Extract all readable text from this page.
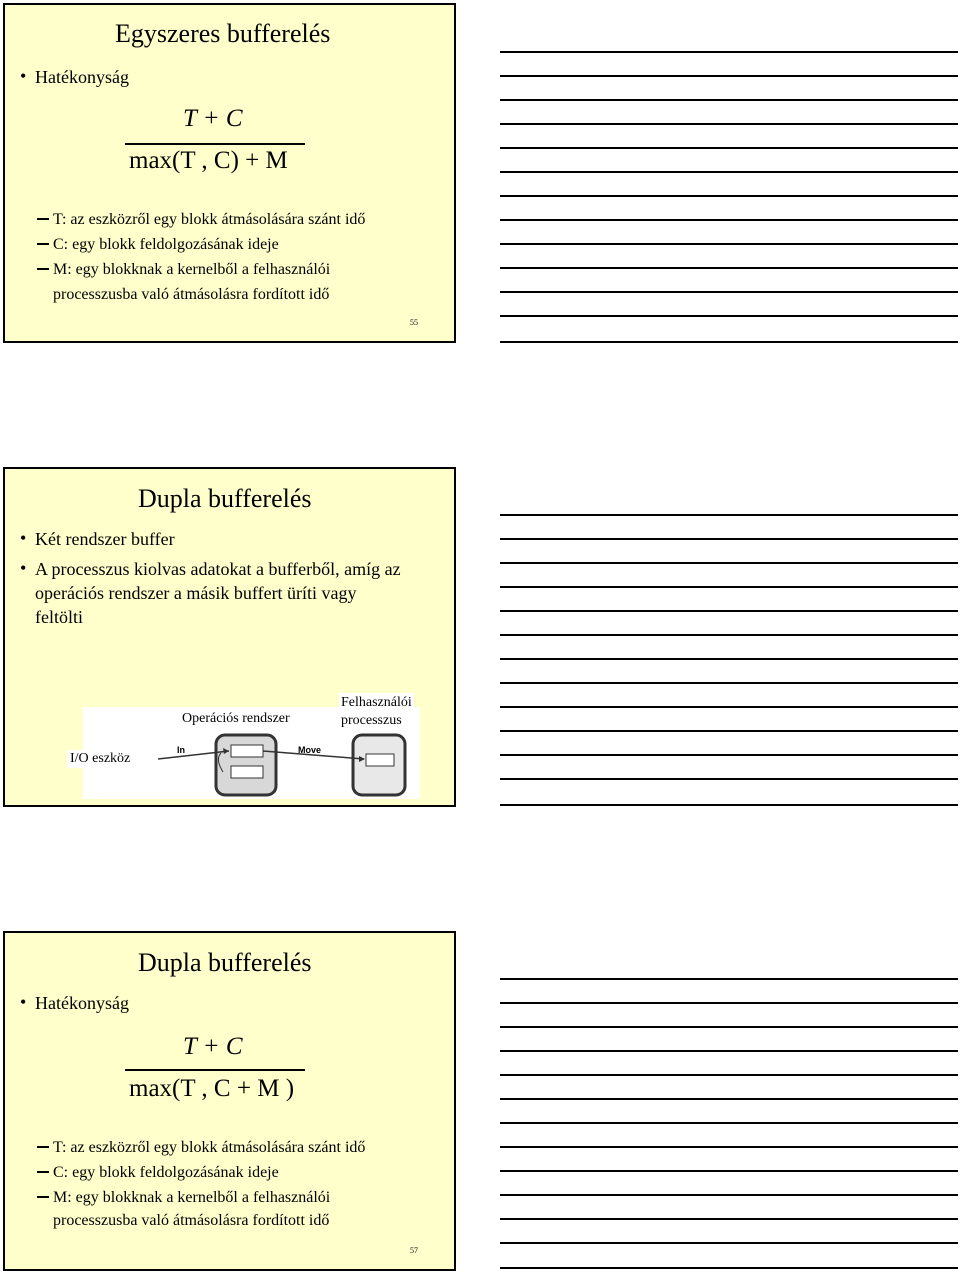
Egyszeres bufferelés
• Hatékonyság
T + C
max(T , C) + M
T: az eszközről egy blokk átmásolására szánt idő
C: egy blokk feldolgozásának ideje
M: egy blokknak a kernelből a felhasználói
processzusba való átmásolásra fordított idő
55
Dupla bufferelés
• Két rendszer buffer
• A processzus kiolvas adatokat a bufferből, amíg az
operációs rendszer a másik buffert üríti vagy
feltölti
In	Move
Operációs rendszer
Felhasználói
processzus
I/O eszköz
Dupla bufferelés
• Hatékonyság
T + C
max(T , C + M )
T: az eszközről egy blokk átmásolására szánt idő
C: egy blokk feldolgozásának ideje
M: egy blokknak a kernelből a felhasználói
processzusba való átmásolásra fordított idő
57
